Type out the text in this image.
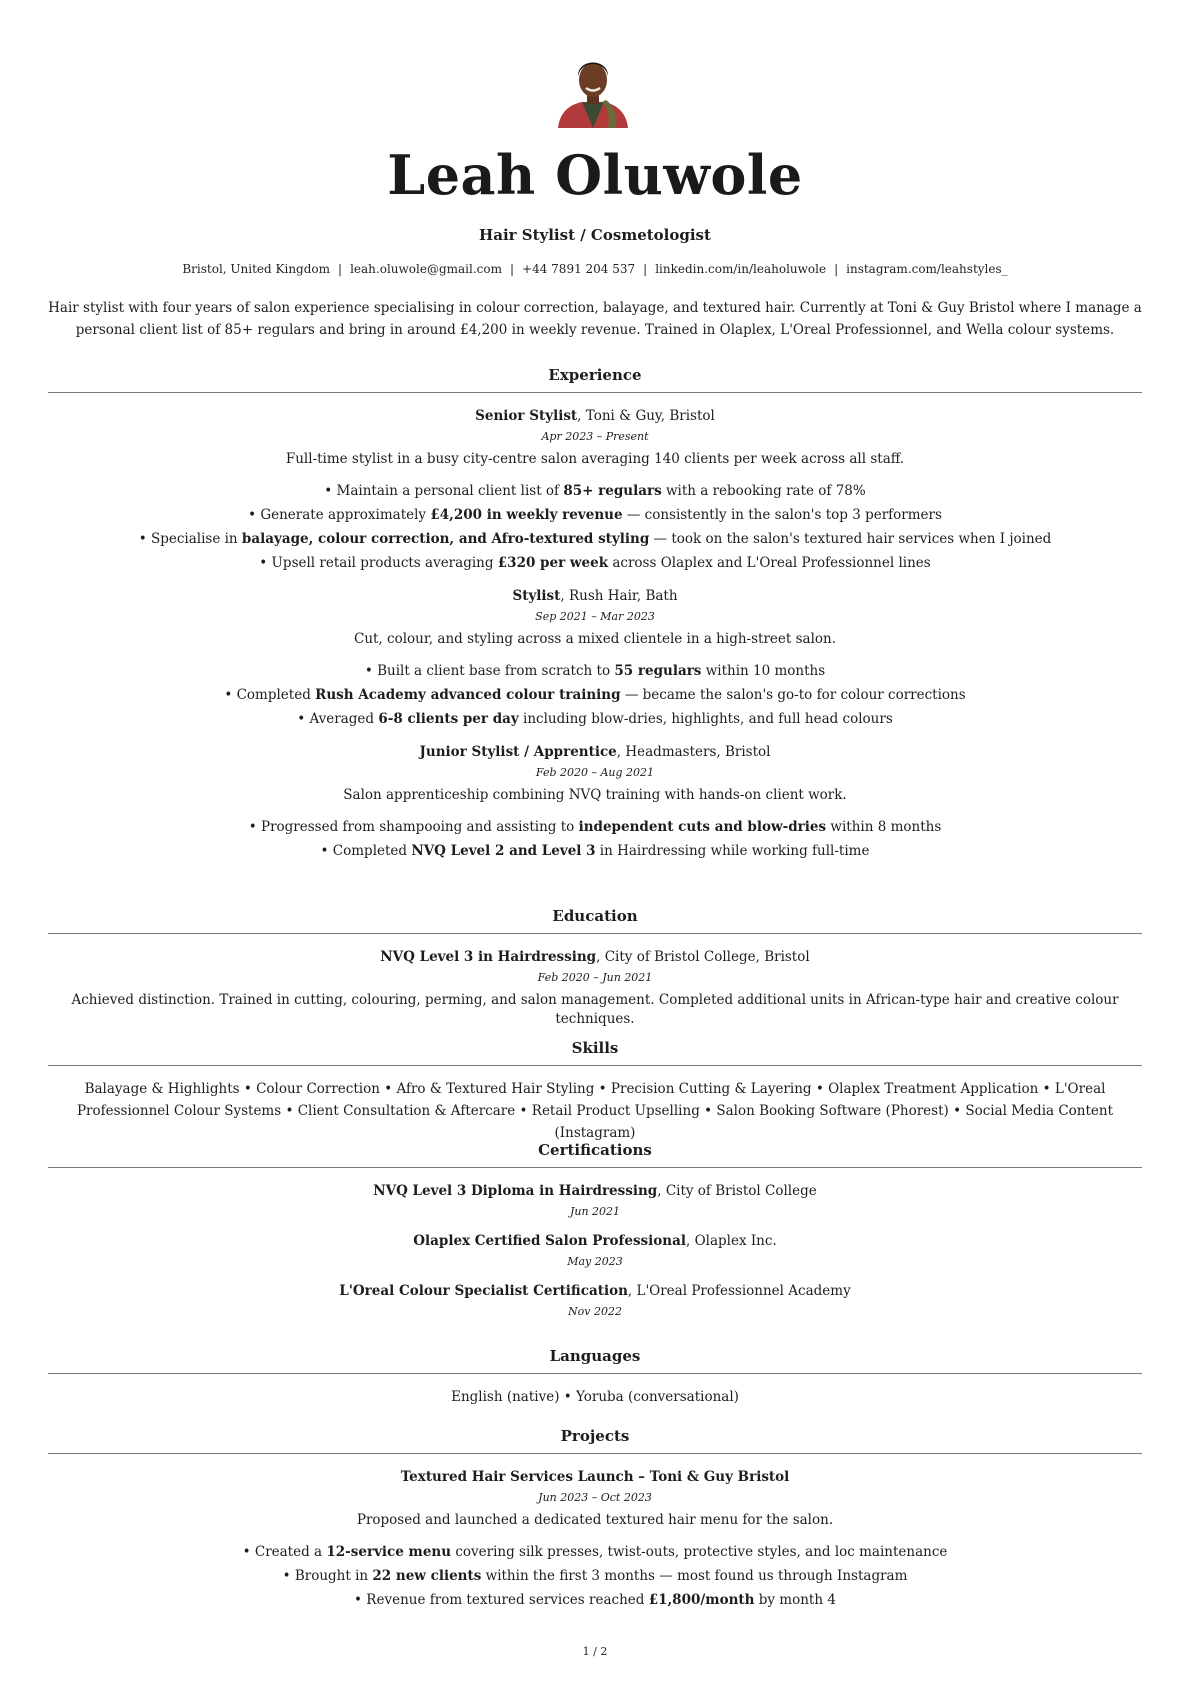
Leah Oluwole
Hair Stylist / Cosmetologist
Bristol, United Kingdom | leah.oluwole@gmail.com | +44 7891 204 537 | linkedin.com/in/leaholuwole | instagram.com/leahstyles_
Hair stylist with four years of salon experience specialising in colour correction, balayage, and textured hair. Currently at Toni & Guy Bristol where I manage a personal client list of 85+ regulars and bring in around £4,200 in weekly revenue. Trained in Olaplex, L'Oreal Professionnel, and Wella colour systems.
Experience
Senior Stylist, Toni & Guy, Bristol
Apr 2023 – Present
Full-time stylist in a busy city-centre salon averaging 140 clients per week across all staff.
• Maintain a personal client list of 85+ regulars with a rebooking rate of 78%
• Generate approximately £4,200 in weekly revenue — consistently in the salon's top 3 performers
• Specialise in balayage, colour correction, and Afro-textured styling — took on the salon's textured hair services when I joined
• Upsell retail products averaging £320 per week across Olaplex and L'Oreal Professionnel lines
Stylist, Rush Hair, Bath
Sep 2021 – Mar 2023
Cut, colour, and styling across a mixed clientele in a high-street salon.
• Built a client base from scratch to 55 regulars within 10 months
• Completed Rush Academy advanced colour training — became the salon's go-to for colour corrections
• Averaged 6-8 clients per day including blow-dries, highlights, and full head colours
Junior Stylist / Apprentice, Headmasters, Bristol
Feb 2020 – Aug 2021
Salon apprenticeship combining NVQ training with hands-on client work.
• Progressed from shampooing and assisting to independent cuts and blow-dries within 8 months
• Completed NVQ Level 2 and Level 3 in Hairdressing while working full-time
Education
NVQ Level 3 in Hairdressing, City of Bristol College, Bristol
Feb 2020 – Jun 2021
Achieved distinction. Trained in cutting, colouring, perming, and salon management. Completed additional units in African-type hair and creative colour techniques.
Skills
Balayage & Highlights • Colour Correction • Afro & Textured Hair Styling • Precision Cutting & Layering • Olaplex Treatment Application • L'Oreal Professionnel Colour Systems • Client Consultation & Aftercare • Retail Product Upselling • Salon Booking Software (Phorest) • Social Media Content (Instagram)
Certifications
NVQ Level 3 Diploma in Hairdressing, City of Bristol College
Jun 2021
Olaplex Certified Salon Professional, Olaplex Inc.
May 2023
L'Oreal Colour Specialist Certification, L'Oreal Professionnel Academy
Nov 2022
Languages
English (native) • Yoruba (conversational)
Projects
Textured Hair Services Launch – Toni & Guy Bristol
Jun 2023 – Oct 2023
Proposed and launched a dedicated textured hair menu for the salon.
• Created a 12-service menu covering silk presses, twist-outs, protective styles, and loc maintenance
• Brought in 22 new clients within the first 3 months — most found us through Instagram
• Revenue from textured services reached £1,800/month by month 4
1 / 2
